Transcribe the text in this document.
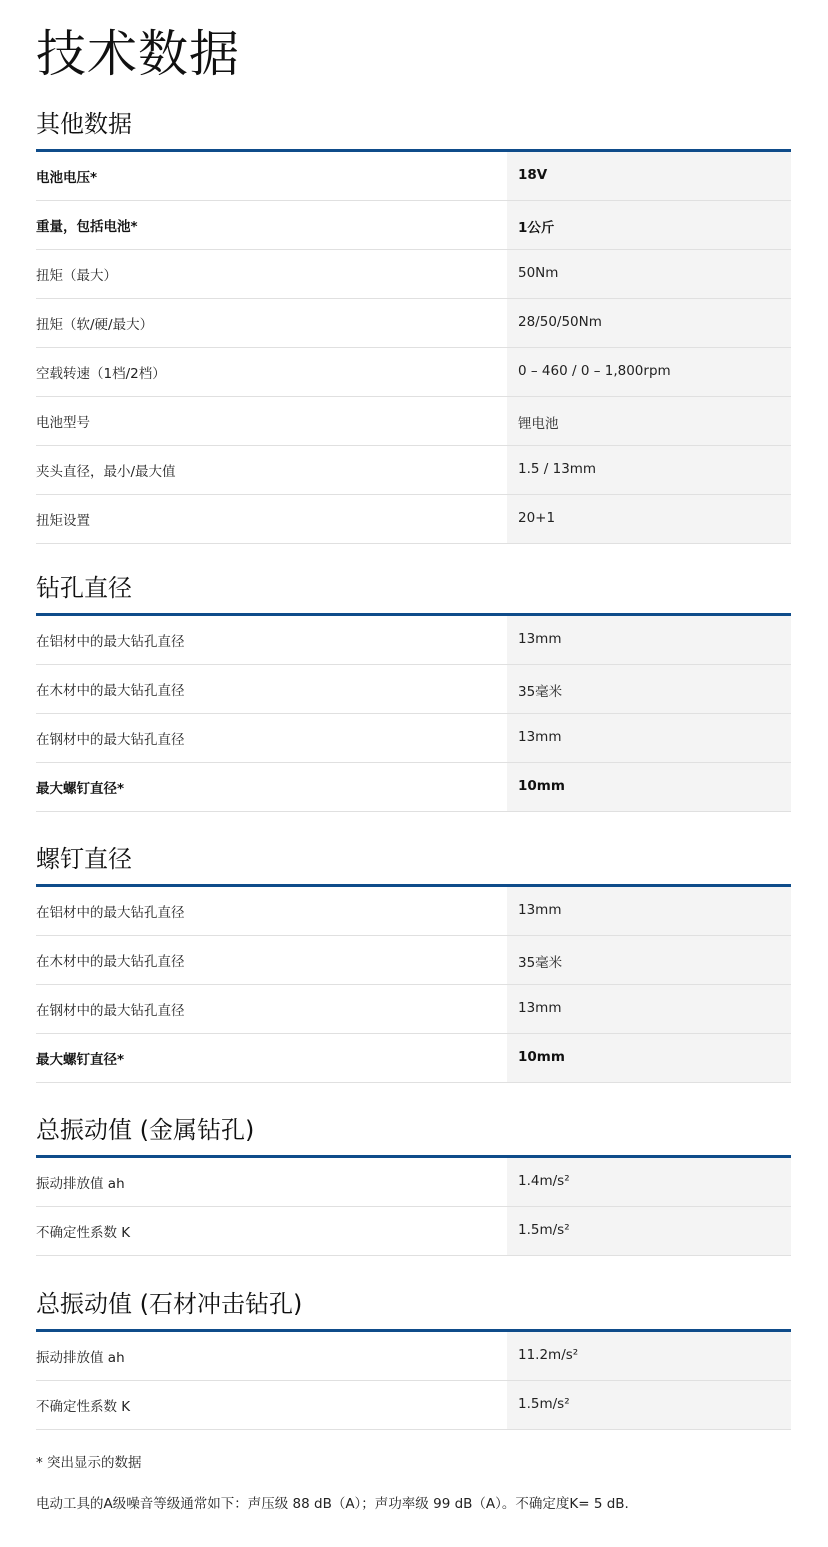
技术数据
其他数据
电池电压*	18V
重量，包括电池*	1公斤
扭矩（最大）	50Nm
扭矩（软/硬/最大）	28/50/50Nm
空载转速（1档/2档）	0 – 460 / 0 – 1,800rpm
电池型号	锂电池
夹头直径，最小/最大值	1.5 / 13mm
扭矩设置	20+1
钻孔直径
在铝材中的最大钻孔直径	13mm
在木材中的最大钻孔直径	35毫米
在钢材中的最大钻孔直径	13mm
最大螺钉直径*	10mm
螺钉直径
在铝材中的最大钻孔直径	13mm
在木材中的最大钻孔直径	35毫米
在钢材中的最大钻孔直径	13mm
最大螺钉直径*	10mm
总振动值 (金属钻孔)
振动排放值 ah	1.4m/s²
不确定性系数 K	1.5m/s²
总振动值 (石材冲击钻孔)
振动排放值 ah	11.2m/s²
不确定性系数 K	1.5m/s²
* 突出显示的数据
电动工具的A级噪音等级通常如下：声压级 88 dB（A）；声功率级 99 dB（A）。不确定度K= 5 dB.
